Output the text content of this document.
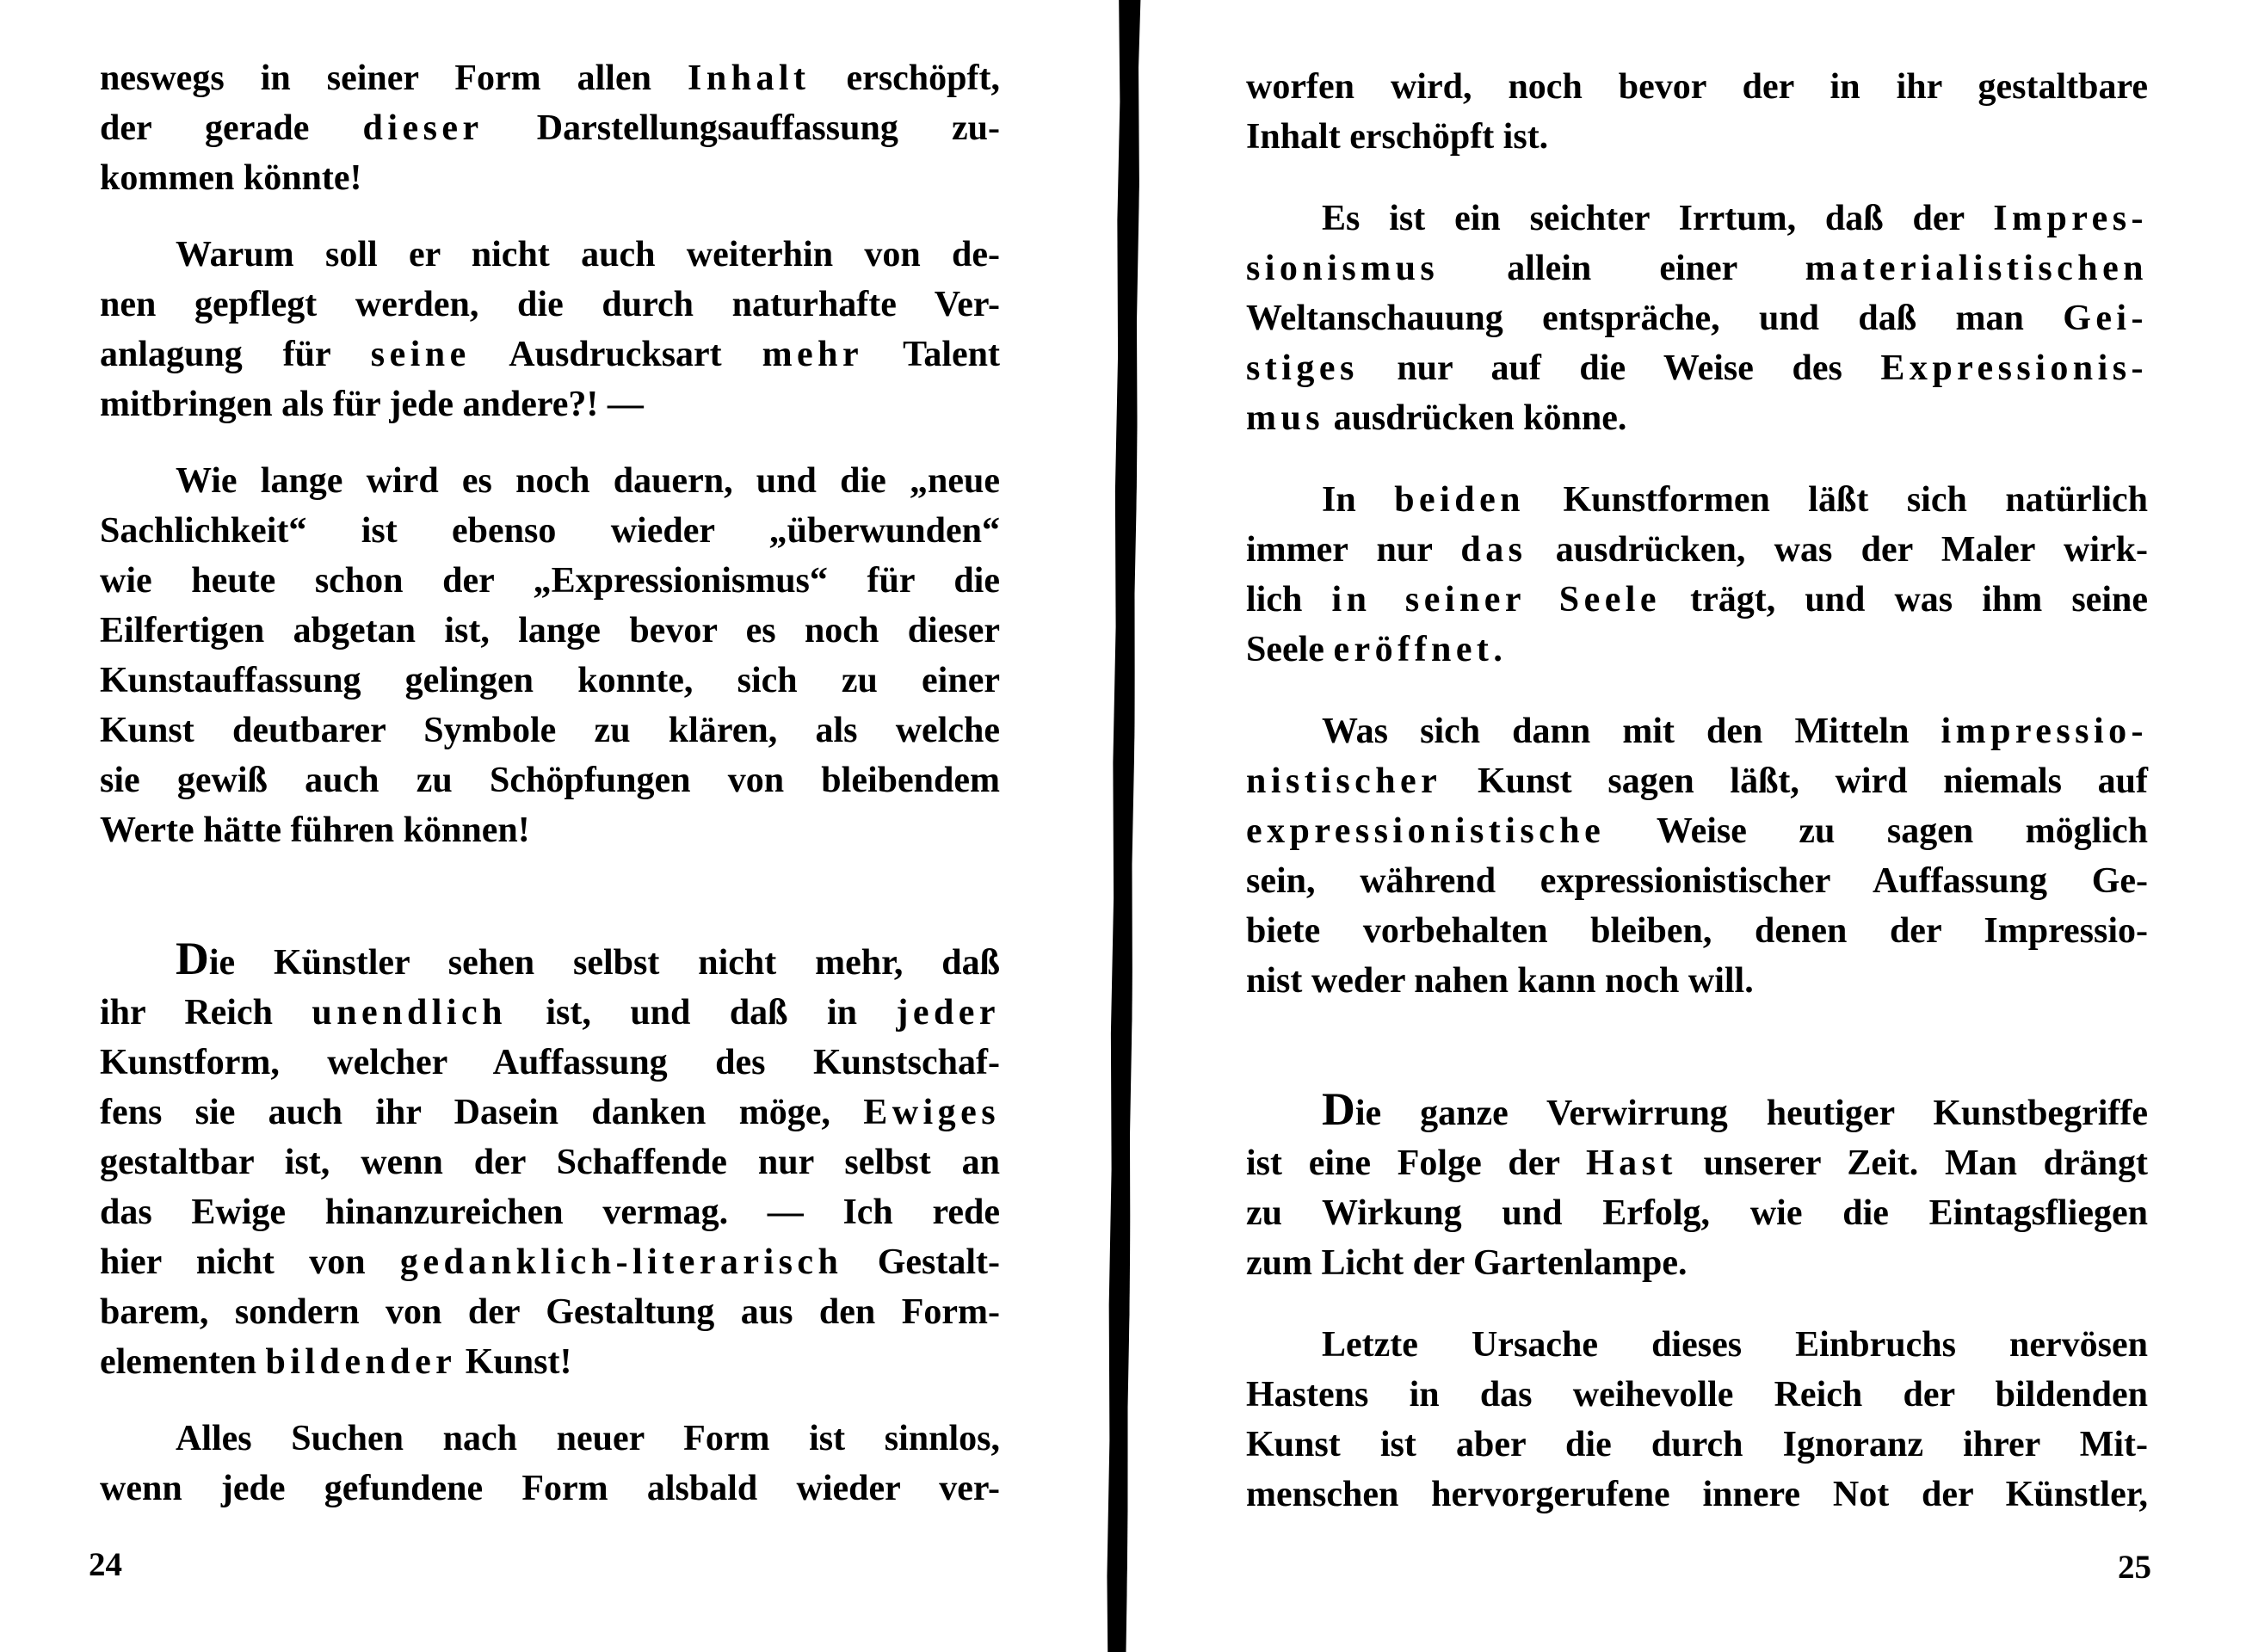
neswegs in seiner Form allen Inhalt erschöpft,
der gerade dieser Darstellungsauffassung zu-
kommen könnte!
Warum soll er nicht auch weiterhin von de-
nen gepflegt werden, die durch naturhafte Ver-
anlagung für seine Ausdrucksart mehr Talent
mitbringen als für jede andere?! —
Wie lange wird es noch dauern, und die „neue
Sachlichkeit“ ist ebenso wieder „überwunden“
wie heute schon der „Expressionismus“ für die
Eilfertigen abgetan ist, lange bevor es noch dieser
Kunstauffassung gelingen konnte, sich zu einer
Kunst deutbarer Symbole zu klären, als welche
sie gewiß auch zu Schöpfungen von bleibendem
Werte hätte führen können!
Die Künstler sehen selbst nicht mehr, daß
ihr Reich unendlich ist, und daß in jeder
Kunstform, welcher Auffassung des Kunstschaf-
fens sie auch ihr Dasein danken möge, Ewiges
gestaltbar ist, wenn der Schaffende nur selbst an
das Ewige hinanzureichen vermag. — Ich rede
hier nicht von gedanklich-literarisch Gestalt-
barem, sondern von der Gestaltung aus den Form-
elementen bildender Kunst!
Alles Suchen nach neuer Form ist sinnlos,
wenn jede gefundene Form alsbald wieder ver-
worfen wird, noch bevor der in ihr gestaltbare
Inhalt erschöpft ist.
Es ist ein seichter Irrtum, daß der Impres-
sionismus allein einer materialistischen
Weltanschauung entspräche, und daß man Gei-
stiges nur auf die Weise des Expressionis-
mus ausdrücken könne.
In beiden Kunstformen läßt sich natürlich
immer nur das ausdrücken, was der Maler wirk-
lich in seiner Seele trägt, und was ihm seine
Seele eröffnet.
Was sich dann mit den Mitteln impressio-
nistischer Kunst sagen läßt, wird niemals auf
expressionistische Weise zu sagen möglich
sein, während expressionistischer Auffassung Ge-
biete vorbehalten bleiben, denen der Impressio-
nist weder nahen kann noch will.
Die ganze Verwirrung heutiger Kunstbegriffe
ist eine Folge der Hast unserer Zeit. Man drängt
zu Wirkung und Erfolg, wie die Eintagsfliegen
zum Licht der Gartenlampe.
Letzte Ursache dieses Einbruchs nervösen
Hastens in das weihevolle Reich der bildenden
Kunst ist aber die durch Ignoranz ihrer Mit-
menschen hervorgerufene innere Not der Künstler,
24	25
